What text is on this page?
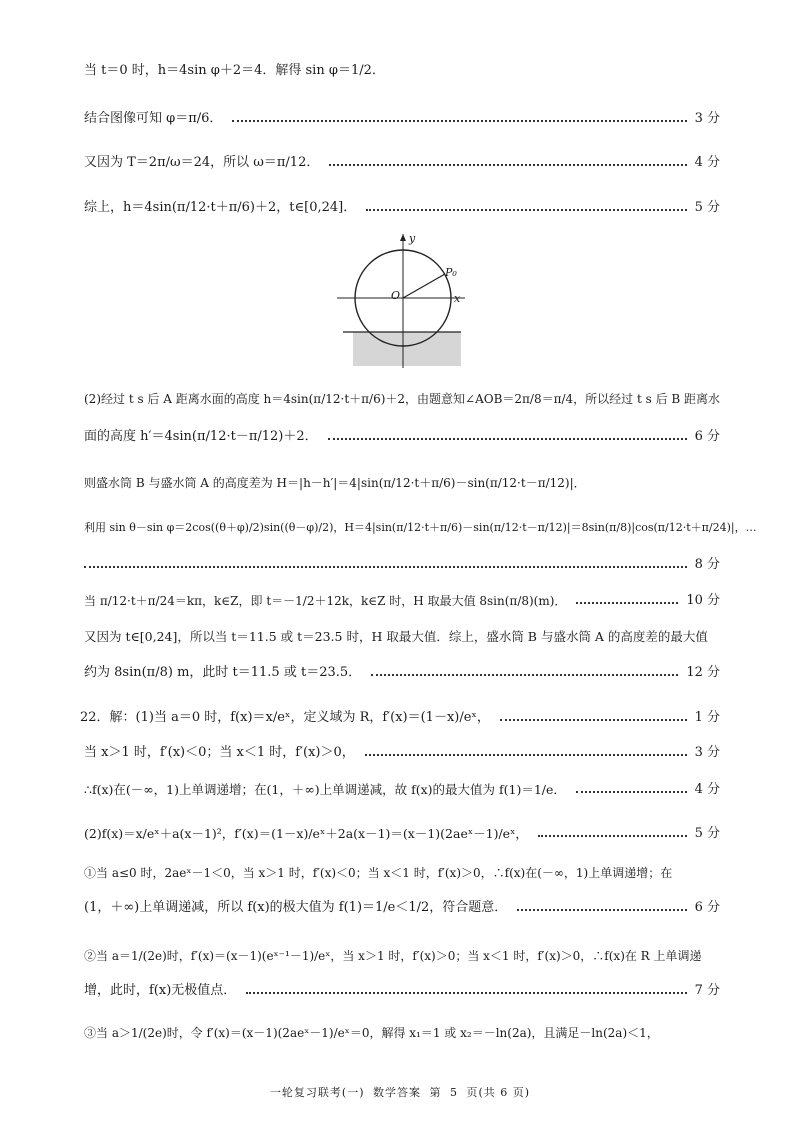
当 t＝0 时，h＝4sin φ＋2＝4．解得 sin φ＝1/2．
结合图像可知 φ＝π/6．	3 分
又因为 T＝2π/ω＝24，所以 ω＝π/12．	4 分
综上，h＝4sin(π/12·t＋π/6)＋2，t∈[0,24]．	5 分
y
x
O
P₀
(2)经过 t s 后 A 距离水面的高度 h＝4sin(π/12·t＋π/6)＋2，由题意知∠AOB＝2π/8＝π/4，所以经过 t s 后 B 距离水
面的高度 h′＝4sin(π/12·t－π/12)＋2．	6 分
则盛水筒 B 与盛水筒 A 的高度差为 H＝|h－h′|＝4|sin(π/12·t＋π/6)－sin(π/12·t－π/12)|．
利用 sin θ－sin φ＝2cos((θ＋φ)/2)sin((θ－φ)/2)，H＝4|sin(π/12·t＋π/6)－sin(π/12·t－π/12)|＝8sin(π/8)|cos(π/12·t＋π/24)|，…
8 分
当 π/12·t＋π/24＝kπ，k∈Z，即 t＝－1/2＋12k，k∈Z 时，H 取最大值 8sin(π/8)(m)．	10 分
又因为 t∈[0,24]，所以当 t＝11.5 或 t＝23.5 时，H 取最大值．综上，盛水筒 B 与盛水筒 A 的高度差的最大值
约为 8sin(π/8) m，此时 t＝11.5 或 t＝23.5．	12 分
22．解：(1)当 a＝0 时，f(x)＝x/eˣ，定义域为 R，f′(x)＝(1－x)/eˣ，	1 分
当 x＞1 时，f′(x)＜0；当 x＜1 时，f′(x)＞0，	3 分
∴f(x)在(－∞，1)上单调递增；在(1，＋∞)上单调递减，故 f(x)的最大值为 f(1)＝1/e．	4 分
(2)f(x)＝x/eˣ＋a(x－1)²，f′(x)＝(1－x)/eˣ＋2a(x－1)＝(x－1)(2aeˣ－1)/eˣ，	5 分
①当 a≤0 时，2aeˣ－1＜0，当 x＞1 时，f′(x)＜0；当 x＜1 时，f′(x)＞0，∴f(x)在(－∞，1)上单调递增；在
(1，＋∞)上单调递减，所以 f(x)的极大值为 f(1)＝1/e＜1/2，符合题意．	6 分
②当 a＝1/(2e)时，f′(x)＝(x－1)(eˣ⁻¹－1)/eˣ，当 x＞1 时，f′(x)＞0；当 x＜1 时，f′(x)＞0，∴f(x)在 R 上单调递
增，此时，f(x)无极值点．	7 分
③当 a＞1/(2e)时，令 f′(x)＝(x－1)(2aeˣ－1)/eˣ＝0，解得 x₁＝1 或 x₂＝－ln(2a)，且满足－ln(2a)＜1，
一轮复习联考(一) 数学答案 第 5 页(共 6 页)
